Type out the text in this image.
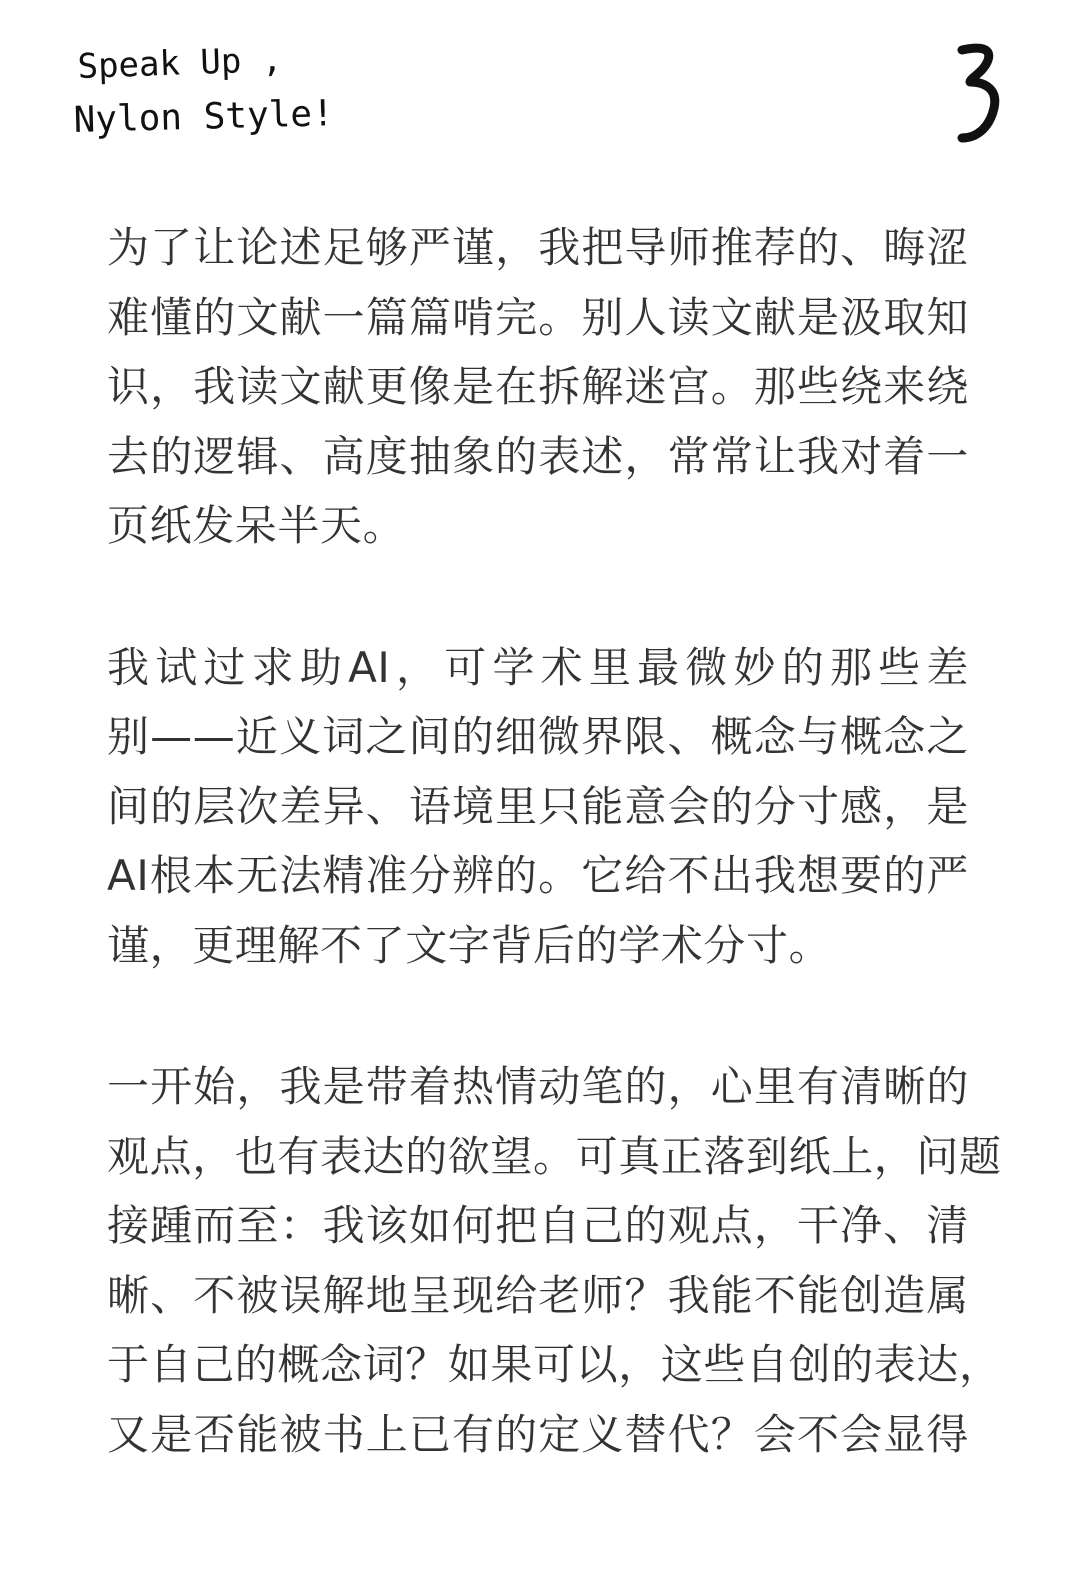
Speak Up ,
Nylon Style!
为了让论述足够严谨，我把导师推荐的、晦涩
难懂的文献一篇篇啃完。别人读文献是汲取知
识，我读文献更像是在拆解迷宫。那些绕来绕
去的逻辑、高度抽象的表述，常常让我对着一
页纸发呆半天。
我试过求助AI，可学术里最微妙的那些差
别——近义词之间的细微界限、概念与概念之
间的层次差异、语境里只能意会的分寸感，是
AI根本无法精准分辨的。它给不出我想要的严
谨，更理解不了文字背后的学术分寸。
一开始，我是带着热情动笔的，心里有清晰的
观点，也有表达的欲望。可真正落到纸上，问题
接踵而至：我该如何把自己的观点，干净、清
晰、不被误解地呈现给老师？我能不能创造属
于自己的概念词？如果可以，这些自创的表达，
又是否能被书上已有的定义替代？会不会显得
